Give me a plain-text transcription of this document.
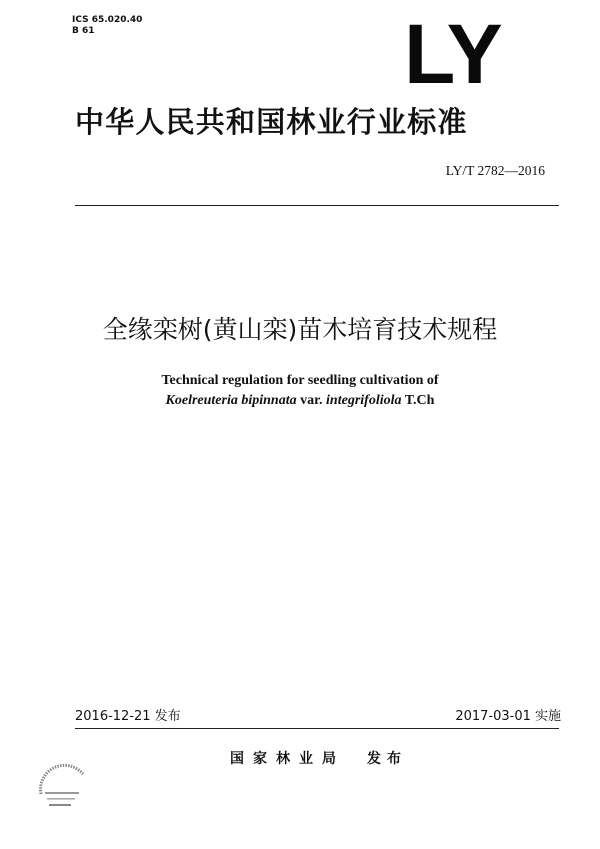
ICS 65.020.40
B 61	LY
中华人民共和国林业行业标准
LY/T 2782—2016
全缘栾树(黄山栾)苗木培育技术规程
Technical regulation for seedling cultivation of
Koelreuteria bipinnata var. integrifoliola T.Ch
2016-12-21 发布	2017-03-01 实施
国家林业局 发布
